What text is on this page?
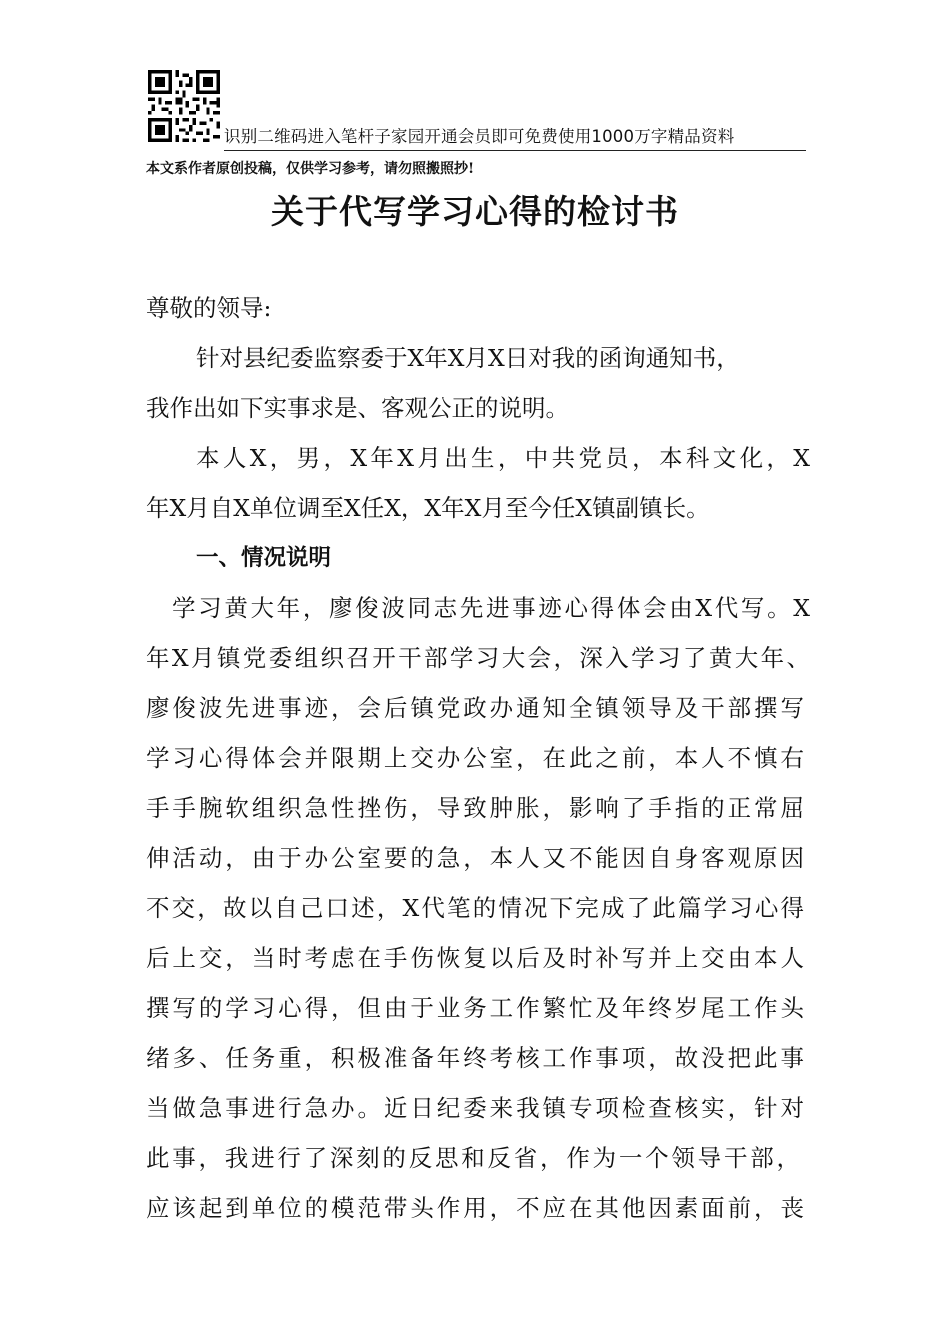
识别二维码进入笔杆子家园开通会员即可免费使用1000万字精品资料
本文系作者原创投稿，仅供学习参考，请勿照搬照抄!
关于代写学习心得的检讨书
尊敬的领导:
针对县纪委监察委于X年X月X日对我的函询通知书，
我作出如下实事求是、客观公正的说明。
本人X，男，X年X月出生，中共党员，本科文化，X
年X月自X单位调至X任X，X年X月至今任X镇副镇长。
一、情况说明
学习黄大年，廖俊波同志先进事迹心得体会由X代写。X
年X月镇党委组织召开干部学习大会，深入学习了黄大年、
廖俊波先进事迹，会后镇党政办通知全镇领导及干部撰写
学习心得体会并限期上交办公室，在此之前，本人不慎右
手手腕软组织急性挫伤，导致肿胀，影响了手指的正常屈
伸活动，由于办公室要的急，本人又不能因自身客观原因
不交，故以自己口述，X代笔的情况下完成了此篇学习心得
后上交，当时考虑在手伤恢复以后及时补写并上交由本人
撰写的学习心得，但由于业务工作繁忙及年终岁尾工作头
绪多、任务重，积极准备年终考核工作事项，故没把此事
当做急事进行急办。近日纪委来我镇专项检查核实，针对
此事，我进行了深刻的反思和反省，作为一个领导干部，
应该起到单位的模范带头作用，不应在其他因素面前，丧
